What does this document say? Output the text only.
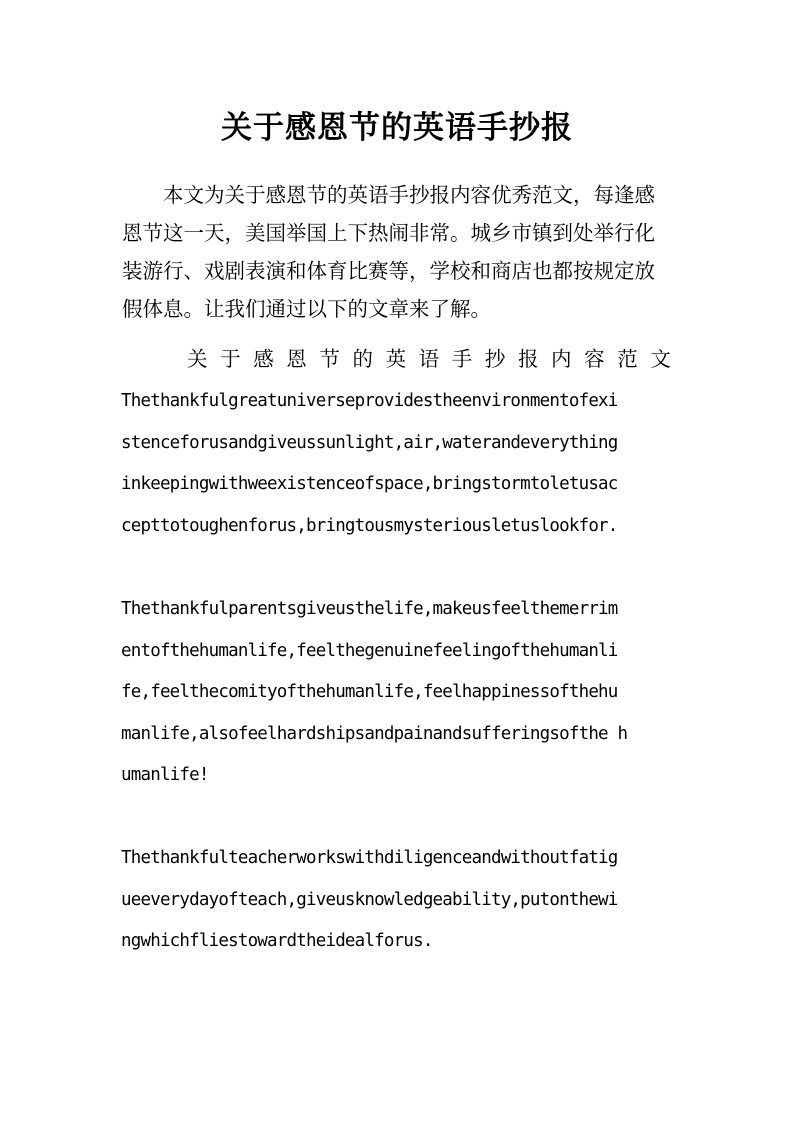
关于感恩节的英语手抄报
　　本文为关于感恩节的英语手抄报内容优秀范文，每逢感
恩节这一天，美国举国上下热闹非常。城乡市镇到处举行化
装游行、戏剧表演和体育比赛等，学校和商店也都按规定放
假体息。让我们通过以下的文章来了解。
关 于 感 恩 节 的 英 语 手 抄 报 内 容 范 文
Thethankfulgreatuniverseprovidestheenvironmentofexi
stenceforusandgiveussunlight,air,waterandeverything
inkeepingwithweexistenceofspace,bringstormtoletusac
cepttotoughenforus,bringtousmysteriousletuslookfor.
Thethankfulparentsgiveusthelife,makeusfeelthemerrim
entofthehumanlife,feelthegenuinefeelingofthehumanli
fe,feelthecomityofthehumanlife,feelhappinessofthehu
manlife,alsofeelhardshipsandpainandsufferingsofthe h
umanlife!
Thethankfulteacherworkswithdiligenceandwithoutfatig
ueeverydayofteach,giveusknowledgeability,putonthewi
ngwhichfliestowardtheidealforus.
